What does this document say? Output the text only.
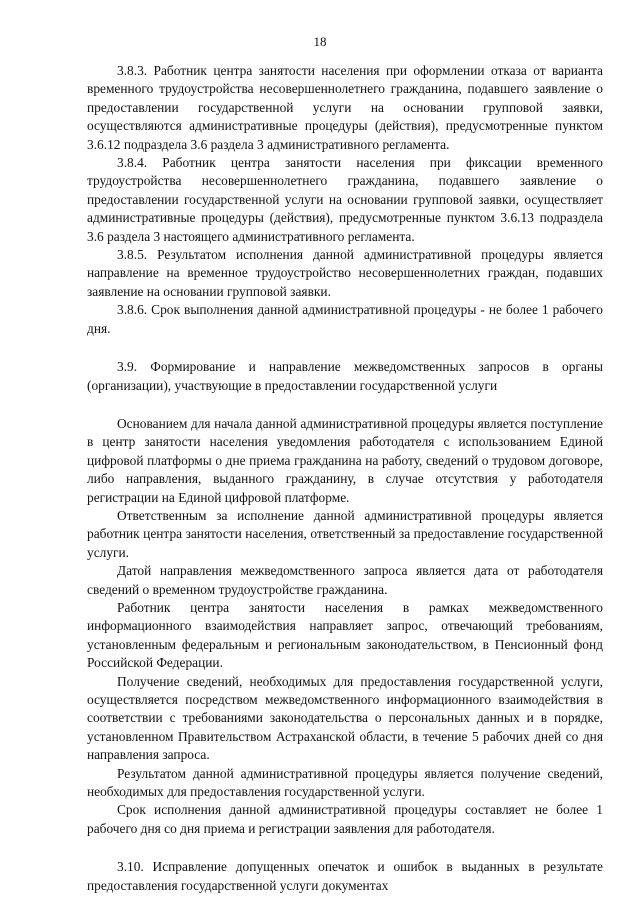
18

3.8.3. Работник центра занятости населения при оформлении отказа от варианта временного трудоустройства несовершеннолетнего гражданина, подавшего заявление о предоставлении государственной услуги на основании групповой заявки, осуществляются административные процедуры (действия), предусмотренные пунктом 3.6.12 подраздела 3.6 раздела 3 административного регламента.

3.8.4. Работник центра занятости населения при фиксации временного трудоустройства несовершеннолетнего гражданина, подавшего заявление о предоставлении государственной услуги на основании групповой заявки, осуществляет административные процедуры (действия), предусмотренные пунктом 3.6.13 подраздела 3.6 раздела 3 настоящего административного регламента.

3.8.5. Результатом исполнения данной административной процедуры является направление на временное трудоустройство несовершеннолетних граждан, подавших заявление на основании групповой заявки.

3.8.6. Срок выполнения данной административной процедуры - не более 1 рабочего дня.

3.9. Формирование и направление межведомственных запросов в органы (организации), участвующие в предоставлении государственной услуги

Основанием для начала данной административной процедуры является поступление в центр занятости населения уведомления работодателя с использованием Единой цифровой платформы о дне приема гражданина на работу, сведений о трудовом договоре, либо направления, выданного гражданину, в случае отсутствия у работодателя регистрации на Единой цифровой платформе.

Ответственным за исполнение данной административной процедуры является работник центра занятости населения, ответственный за предоставление государственной услуги.

Датой направления межведомственного запроса является дата от работодателя сведений о временном трудоустройстве гражданина.

Работник центра занятости населения в рамках межведомственного информационного взаимодействия направляет запрос, отвечающий требованиям, установленным федеральным и региональным законодательством, в Пенсионный фонд Российской Федерации.

Получение сведений, необходимых для предоставления государственной услуги, осуществляется посредством межведомственного информационного взаимодействия в соответствии с требованиями законодательства о персональных данных и в порядке, установленном Правительством Астраханской области, в течение 5 рабочих дней со дня направления запроса.

Результатом данной административной процедуры является получение сведений, необходимых для предоставления государственной услуги.

Срок исполнения данной административной процедуры составляет не более 1 рабочего дня со дня приема и регистрации заявления для работодателя.

3.10. Исправление допущенных опечаток и ошибок в выданных в результате предоставления государственной услуги документах
